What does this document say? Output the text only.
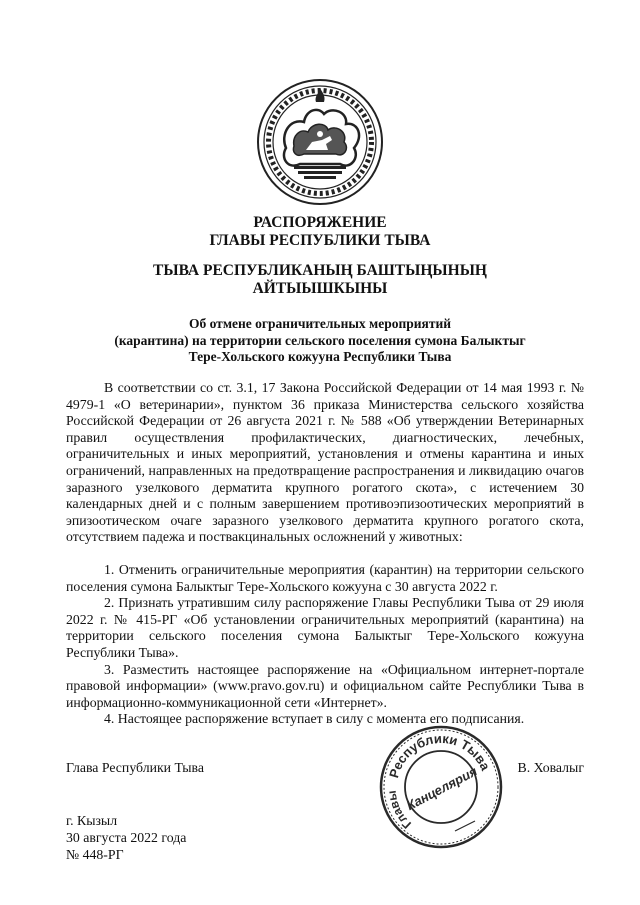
РАСПОРЯЖЕНИЕ
ГЛАВЫ РЕСПУБЛИКИ ТЫВА
ТЫВА РЕСПУБЛИКАНЫҢ БАШТЫҢЫНЫҢ
АЙТЫЫШКЫНЫ
Об отмене ограничительных мероприятий
(карантина) на территории сельского поселения сумона Балыктыг
Тере-Хольского кожууна Республики Тыва

В соответствии со ст. 3.1, 17 Закона Российской Федерации от 14 мая 1993 г. № 4979-1 «О ветеринарии», пунктом 36 приказа Министерства сельского хозяйства Российской Федерации от 26 августа 2021 г. № 588 «Об утверждении Ветеринарных правил осуществления профилактических, диагностических, лечебных, ограничительных и иных мероприятий, установления и отмены карантина и иных ограничений, направленных на предотвращение распространения и ликвидацию очагов заразного узелкового дерматита крупного рогатого скота», с истечением 30 календарных дней и с полным завершением противоэпизоотических мероприятий в эпизоотическом очаге заразного узелкового дерматита крупного рогатого скота, отсутствием падежа и поствакцинальных осложнений у животных:

1. Отменить ограничительные мероприятия (карантин) на территории сельского поселения сумона Балыктыг Тере-Хольского кожууна с 30 августа 2022 г.

2. Признать утратившим силу распоряжение Главы Республики Тыва от 29 июля 2022 г. № 415-РГ «Об установлении ограничительных мероприятий (карантина) на территории сельского поселения сумона Балыктыг Тере-Хольского кожууна Республики Тыва».

3. Разместить настоящее распоряжение на «Официальном интернет-портале правовой информации» (www.pravo.gov.ru) и официальном сайте Республики Тыва в информационно-коммуникационной сети «Интернет».

4. Настоящее распоряжение вступает в силу с момента его подписания.

Глава Республики Тыва	В. Ховалыг
Республики Тыва
Главы Канцелярия
г. Кызыл
30 августа 2022 года
№ 448-РГ
